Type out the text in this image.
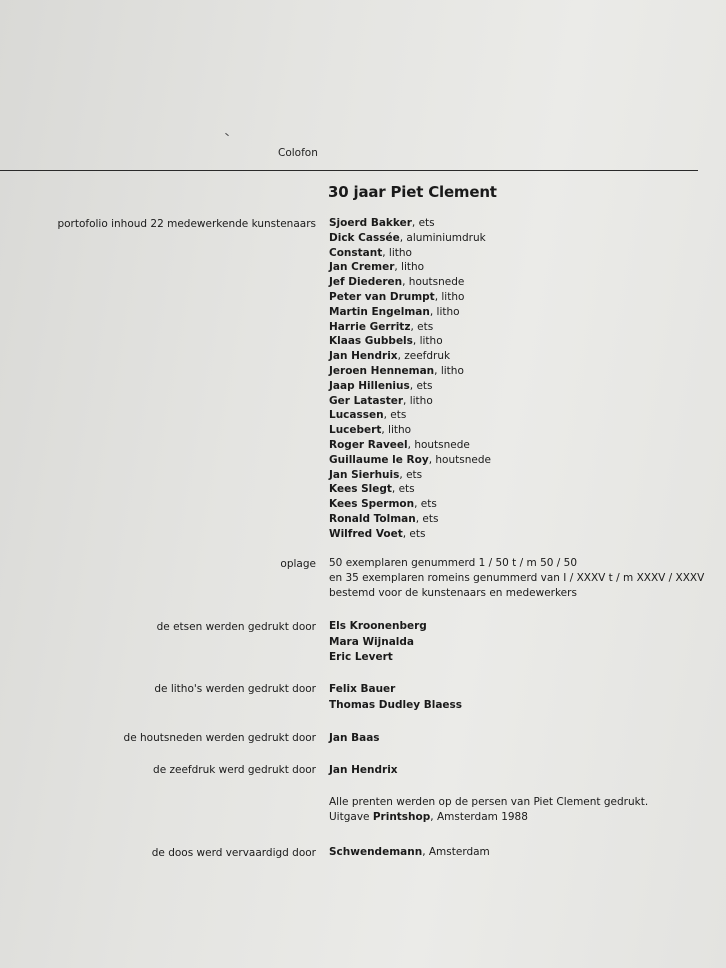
Colofon
30 jaar Piet Clement
portofolio inhoud 22 medewerkende kunstenaars Sjoerd Bakker, ets
Dick Cassée, aluminiumdruk
Constant, litho
Jan Cremer, litho
Jef Diederen, houtsnede
Peter van Drumpt, litho
Martin Engelman, litho
Harrie Gerritz, ets
Klaas Gubbels, litho
Jan Hendrix, zeefdruk
Jeroen Henneman, litho
Jaap Hillenius, ets
Ger Lataster, litho
Lucassen, ets
Lucebert, litho
Roger Raveel, houtsnede
Guillaume le Roy, houtsnede
Jan Sierhuis, ets
Kees Slegt, ets
Kees Spermon, ets
Ronald Tolman, ets
Wilfred Voet, ets
oplage 50 exemplaren genummerd 1 / 50 t / m 50 / 50
en 35 exemplaren romeins genummerd van I / XXXV t / m XXXV / XXXV
bestemd voor de kunstenaars en medewerkers
de etsen werden gedrukt door Els Kroonenberg
Mara Wijnalda
Eric Levert
de litho's werden gedrukt door Felix Bauer
Thomas Dudley Blaess
de houtsneden werden gedrukt door Jan Baas
de zeefdruk werd gedrukt door Jan Hendrix
Alle prenten werden op de persen van Piet Clement gedrukt.
Uitgave Printshop, Amsterdam 1988
de doos werd vervaardigd door Schwendemann, Amsterdam
